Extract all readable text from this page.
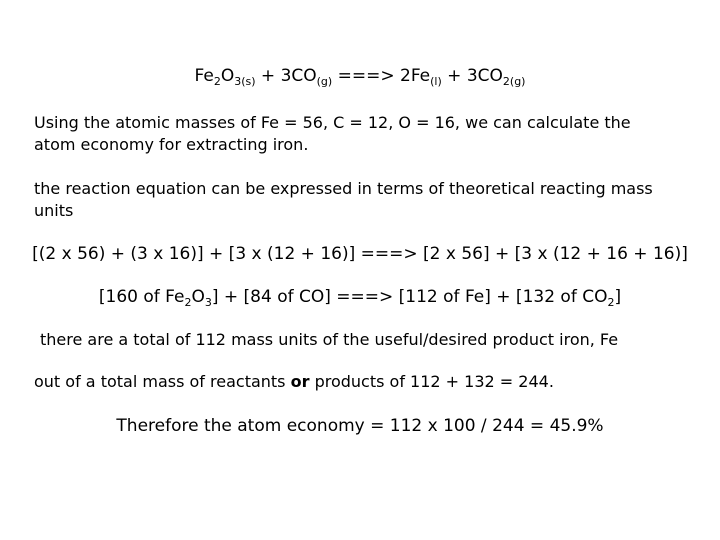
$Fe_2O_{3(s)} + 3CO_{(g)}$ ===> $2Fe_{(l)} + 3CO_{2(g)}$
Using the atomic masses of Fe = 56, C = 12, O = 16, we can calculate the atom economy for extracting iron.
the reaction equation can be expressed in terms of theoretical reacting mass units
[(2 x 56) + (3 x 16)] + [3 x (12 + 16)] ===> [2 x 56] + [3 x (12 + 16 + 16)]
[160 of $Fe_2O_3] + [84$ of CO] ===> [112 of Fe] + [132 of $CO_2$]
there are a total of 112 mass units of the useful/desired product iron, Fe
out of a total mass of reactants or products of 112 + 132 = 244.
Therefore the atom economy = 112 x 100 / 244 = 45.9%
